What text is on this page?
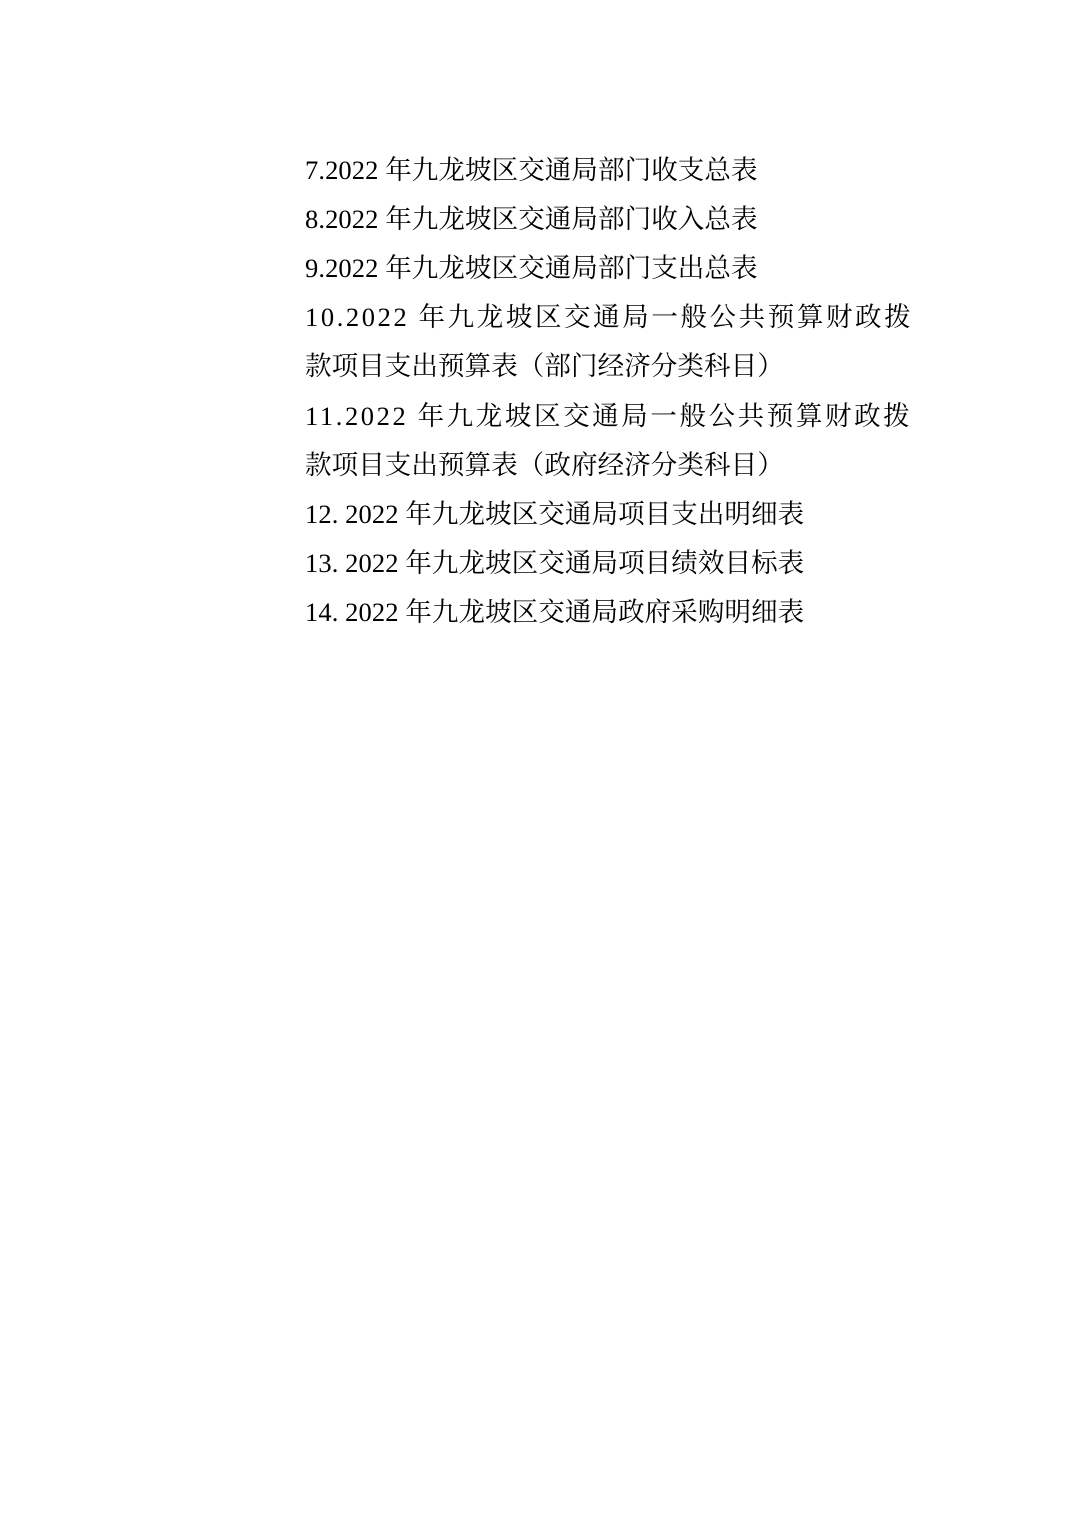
7.2022 年九龙坡区交通局部门收支总表
8.2022 年九龙坡区交通局部门收入总表
9.2022 年九龙坡区交通局部门支出总表
10.2022 年九龙坡区交通局一般公共预算财政拨
款项目支出预算表（部门经济分类科目）
11.2022 年九龙坡区交通局一般公共预算财政拨
款项目支出预算表（政府经济分类科目）
12. 2022 年九龙坡区交通局项目支出明细表
13. 2022 年九龙坡区交通局项目绩效目标表
14. 2022 年九龙坡区交通局政府采购明细表
